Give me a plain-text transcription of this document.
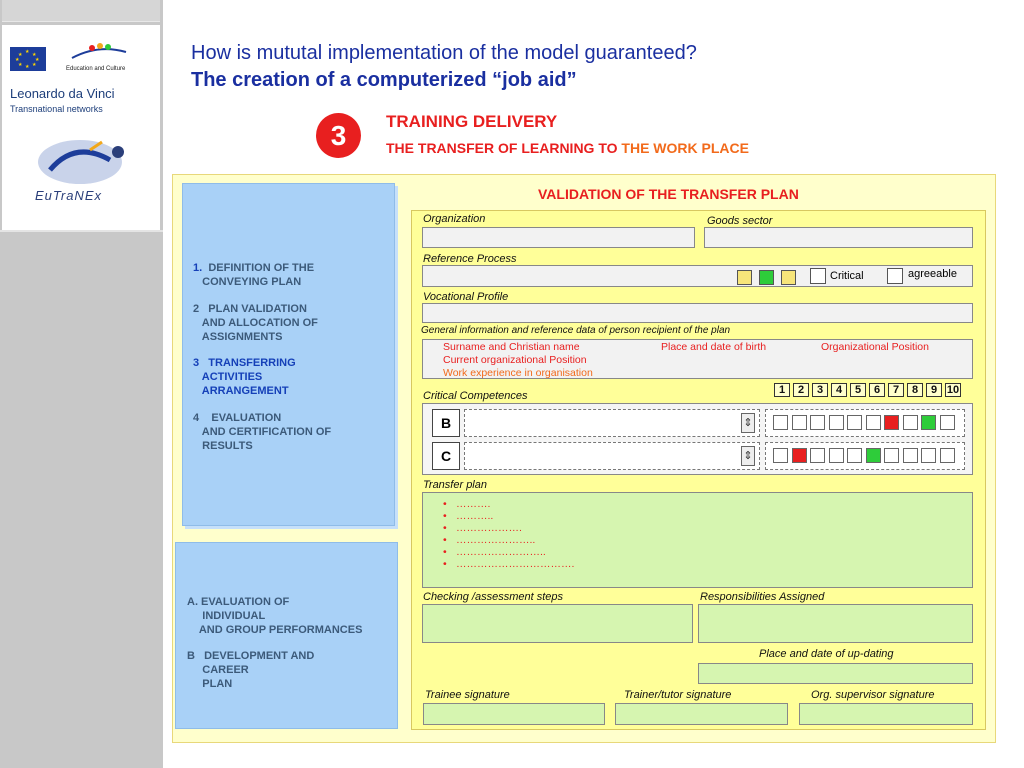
★ ★
★
★
★
★
★
★
Education and Culture
Leonardo da Vinci
Transnational networks
EuTraNEx
How is mututal implementation of the model guaranteed?
The creation of a computerized “job aid”
3	TRAINING DELIVERY
THE TRANSFER OF LEARNING TO THE WORK PLACE
1. DEFINITION OF THE
CONVEYING PLAN
2 PLAN VALIDATION
AND ALLOCATION OF
ASSIGNMENTS
3 TRANSFERRING
ACTIVITIES
ARRANGEMENT
4    EVALUATION
AND CERTIFICATION OF
RESULTS
A. EVALUATION OF
INDIVIDUAL
AND GROUP PERFORMANCES
B   DEVELOPMENT AND
CAREER
PLAN
VALIDATION OF THE TRANSFER PLAN
Organization	Goods sector
Reference Process
Critical	agreeable
Vocational Profile
General information and reference data of person recipient of the plan
Surname and Christian name	Place and date of birth	Organizational Position
Current organizational Position
Work experience in organisation
Critical Competences	1	2	3	4	5	6	7	8	9 10
B	⇕
C	⇕
Transfer plan
• ……….
• ………..
• ……………….
• …………………..
• ……………………..
• …………………………….
Checking /assessment steps	Responsibilities Assigned
Place and date of up-dating
Trainee signature	Trainer/tutor signature	Org. supervisor signature
